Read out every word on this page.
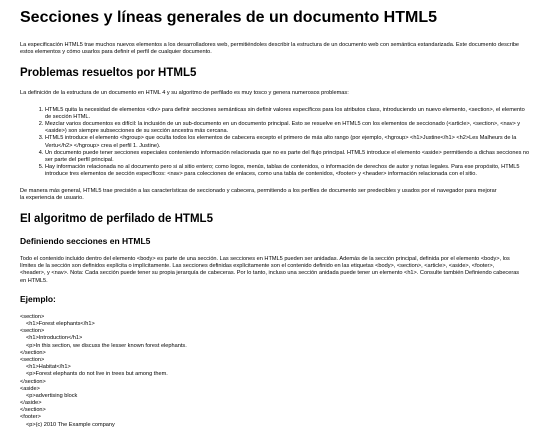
Secciones y líneas generales de un documento HTML5

La especificación HTML5 trae muchos nuevos elementos a los desarrolladores web, permitiéndoles describir la estructura de un documento web con semántica estandarizada. Este documento describe estos elementos y cómo usarlos para definir el perfil de cualquier documento.

Problemas resueltos por HTML5

La definición de la estructura de un documento en HTML 4 y su algoritmo de perfilado es muy tosco y genera numerosos problemas:

1. HTML5 quita la necesidad de elementos <div> para definir secciones semánticas sin definir valores específicos para los atributos class, introduciendo un nuevo elemento, <section>, el elemento de sección HTML.
2. Mezclar varios documentos es difícil: la inclusión de un sub-documento en un documento principal. Esto se resuelve en HTML5 con los elementos de seccionado (<article>, <section>, <nav> y <aside>) son siempre subsecciones de su sección ancestra más cercana.
3. HTML5 introduce el elemento <hgroup> que oculta todos los elementos de cabecera excepto el primero de más alto rango (por ejemplo, <hgroup> <h1>Justine</h1> <h2>Les Malheurs de la Vertu</h2> </hgroup> crea el perfil 1. Justine).
4. Un documento puede tener secciones especiales conteniendo información relacionada que no es parte del flujo principal. HTML5 introduce el elemento <aside> permitiendo a dichas secciones no ser parte del perfil principal.
5. Hay información relacionada no al documento pero si al sitio entero; como logos, menús, tablas de contenidos, o información de derechos de autor y notas legales. Para ese propósito, HTML5 introduce tres elementos de sección específicos: <nav> para colecciones de enlaces, como una tabla de contenidos, <footer> y <header> información relacionada con el sitio.

De manera más general, HTML5 trae precisión a las características de seccionado y cabecera, permitiendo a los perfiles de documento ser predecibles y usados por el navegador para mejorar la experiencia de usuario.

El algoritmo de perfilado de HTML5
Definiendo secciones en HTML5

Todo el contenido incluido dentro del elemento <body> es parte de una sección. Las secciones en HTML5 pueden ser anidadas. Además de la sección principal, definida por el elemento <body>, los límites de la sección son definidos explícita o implícitamente. Las secciones definidas explícitamente son el contenido definido en las etiquetas <body>, <section>, <article>, <aside>, <footer>, <header>, y <nav>. Nota: Cada sección puede tener su propia jerarquía de cabeceras. Por lo tanto, incluso una sección anidada puede tener un elemento <h1>. Consulte también Definiendo cabeceras en HTML5.

Ejemplo:
<section>
<h1>Forest elephants</h1>
<section>
<h1>Introduction</h1>
<p>In this section, we discuss the lesser known forest elephants.
</section>
<section>
<h1>Habitat</h1>
<p>Forest elephants do not live in trees but among them.
</section>
<aside>
<p>advertising block
</aside>
</section>
<footer>
<p>(c) 2010 The Example company
